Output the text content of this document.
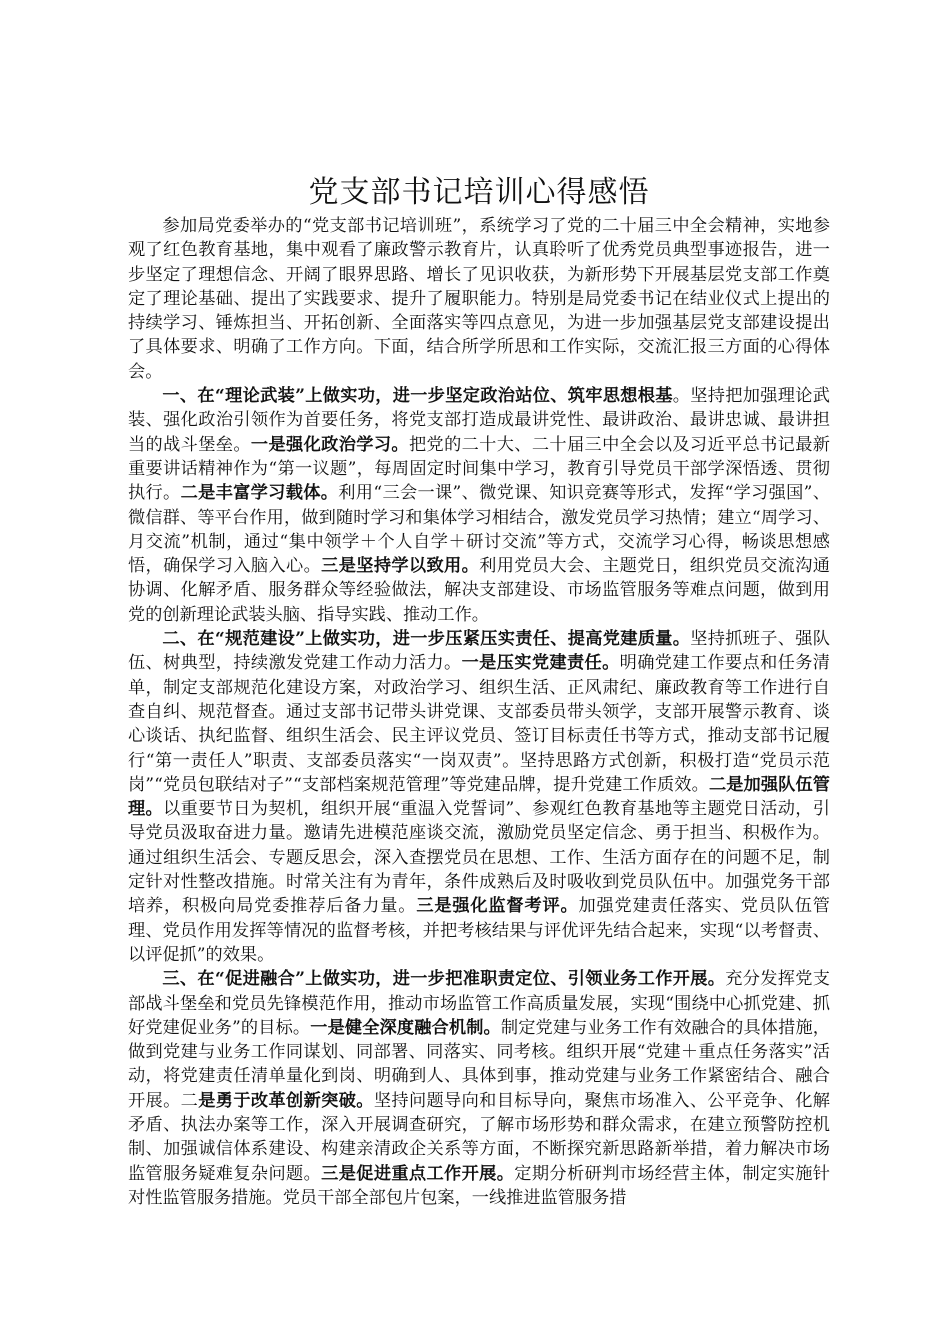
党支部书记培训心得感悟

参加局党委举办的“党支部书记培训班”，系统学习了党的二十届三中全会精神，实地参观了红色教育基地，集中观看了廉政警示教育片，认真聆听了优秀党员典型事迹报告，进一步坚定了理想信念、开阔了眼界思路、增长了见识收获，为新形势下开展基层党支部工作奠定了理论基础、提出了实践要求、提升了履职能力。特别是局党委书记在结业仪式上提出的持续学习、锤炼担当、开拓创新、全面落实等四点意见，为进一步加强基层党支部建设提出了具体要求、明确了工作方向。下面，结合所学所思和工作实际，交流汇报三方面的心得体会。

一、在“理论武装”上做实功，进一步坚定政治站位、筑牢思想根基。坚持把加强理论武装、强化政治引领作为首要任务，将党支部打造成最讲党性、最讲政治、最讲忠诚、最讲担当的战斗堡垒。一是强化政治学习。把党的二十大、二十届三中全会以及习近平总书记最新重要讲话精神作为“第一议题”，每周固定时间集中学习，教育引导党员干部学深悟透、贯彻执行。二是丰富学习载体。利用“三会一课”、微党课、知识竞赛等形式，发挥“学习强国”、微信群、等平台作用，做到随时学习和集体学习相结合，激发党员学习热情；建立“周学习、月交流”机制，通过“集中领学＋个人自学＋研讨交流”等方式，交流学习心得，畅谈思想感悟，确保学习入脑入心。三是坚持学以致用。利用党员大会、主题党日，组织党员交流沟通协调、化解矛盾、服务群众等经验做法，解决支部建设、市场监管服务等难点问题，做到用党的创新理论武装头脑、指导实践、推动工作。

二、在“规范建设”上做实功，进一步压紧压实责任、提高党建质量。坚持抓班子、强队伍、树典型，持续激发党建工作动力活力。一是压实党建责任。明确党建工作要点和任务清单，制定支部规范化建设方案，对政治学习、组织生活、正风肃纪、廉政教育等工作进行自查自纠、规范督查。通过支部书记带头讲党课、支部委员带头领学，支部开展警示教育、谈心谈话、执纪监督、组织生活会、民主评议党员、签订目标责任书等方式，推动支部书记履行“第一责任人”职责、支部委员落实“一岗双责”。坚持思路方式创新，积极打造“党员示范岗”“党员包联结对子”“支部档案规范管理”等党建品牌，提升党建工作质效。二是加强队伍管理。以重要节日为契机，组织开展“重温入党誓词”、参观红色教育基地等主题党日活动，引导党员汲取奋进力量。邀请先进模范座谈交流，激励党员坚定信念、勇于担当、积极作为。通过组织生活会、专题反思会，深入查摆党员在思想、工作、生活方面存在的问题不足，制定针对性整改措施。时常关注有为青年，条件成熟后及时吸收到党员队伍中。加强党务干部培养，积极向局党委推荐后备力量。三是强化监督考评。加强党建责任落实、党员队伍管理、党员作用发挥等情况的监督考核，并把考核结果与评优评先结合起来，实现“以考督责、以评促抓”的效果。

三、在“促进融合”上做实功，进一步把准职责定位、引领业务工作开展。充分发挥党支部战斗堡垒和党员先锋模范作用，推动市场监管工作高质量发展，实现“围绕中心抓党建、抓好党建促业务”的目标。一是健全深度融合机制。制定党建与业务工作有效融合的具体措施，做到党建与业务工作同谋划、同部署、同落实、同考核。组织开展“党建＋重点任务落实”活动，将党建责任清单量化到岗、明确到人、具体到事，推动党建与业务工作紧密结合、融合开展。二是勇于改革创新突破。坚持问题导向和目标导向，聚焦市场准入、公平竞争、化解矛盾、执法办案等工作，深入开展调查研究，了解市场形势和群众需求，在建立预警防控机制、加强诚信体系建设、构建亲清政企关系等方面，不断探究新思路新举措，着力解决市场监管服务疑难复杂问题。三是促进重点工作开展。定期分析研判市场经营主体，制定实施针对性监管服务措施。党员干部全部包片包案，一线推进监管服务措
